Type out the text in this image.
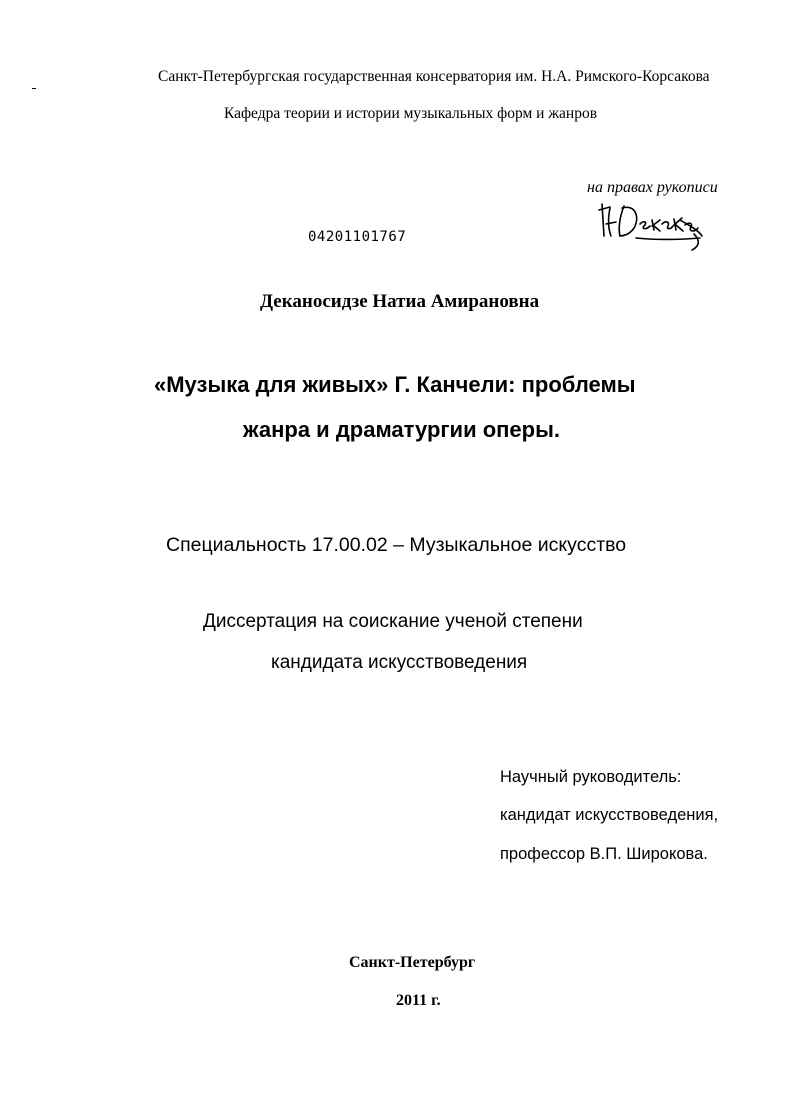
Санкт-Петербургская государственная консерватория им. Н.А. Римского-Корсакова
Кафедра теории и истории музыкальных форм и жанров
на правах рукописи
04201101767
Деканосидзе Натиа Амирановна
«Музыка для живых» Г. Канчели: проблемы
жанра и драматургии оперы.
Специальность 17.00.02 – Музыкальное искусство
Диссертация на соискание ученой степени
кандидата искусствоведения
Научный руководитель:
кандидат искусствоведения,
профессор В.П. Широкова.
Санкт-Петербург
2011 г.
